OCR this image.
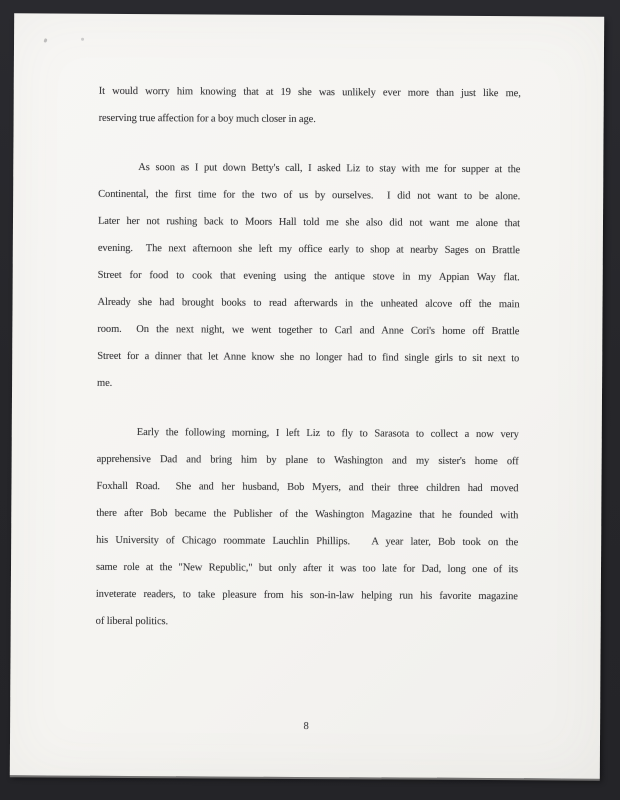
It would worry him knowing that at 19 she was unlikely ever more than just like me,
reserving true affection for a boy much closer in age.
As soon as I put down Betty's call, I asked Liz to stay with me for supper at the
Continental, the first time for the two of us by ourselves.  I did not want to be alone.
Later her not rushing back to Moors Hall told me she also did not want me alone that
evening.  The next afternoon she left my office early to shop at nearby Sages on Brattle
Street for food to cook that evening using the antique stove in my Appian Way flat.
Already she had brought books to read afterwards in the unheated alcove off the main
room.  On the next night, we went together to Carl and Anne Cori's home off Brattle
Street for a dinner that let Anne know she no longer had to find single girls to sit next to
me.
Early the following morning, I left Liz to fly to Sarasota to collect a now very
apprehensive Dad and bring him by plane to Washington and my sister's home off
Foxhall Road.  She and her husband, Bob Myers, and their three children had moved
there after Bob became the Publisher of the Washington Magazine that he founded with
his University of Chicago roommate Lauchlin Phillips.   A year later, Bob took on the
same role at the "New Republic," but only after it was too late for Dad, long one of its
inveterate readers, to take pleasure from his son-in-law helping run his favorite magazine
of liberal politics.
8
